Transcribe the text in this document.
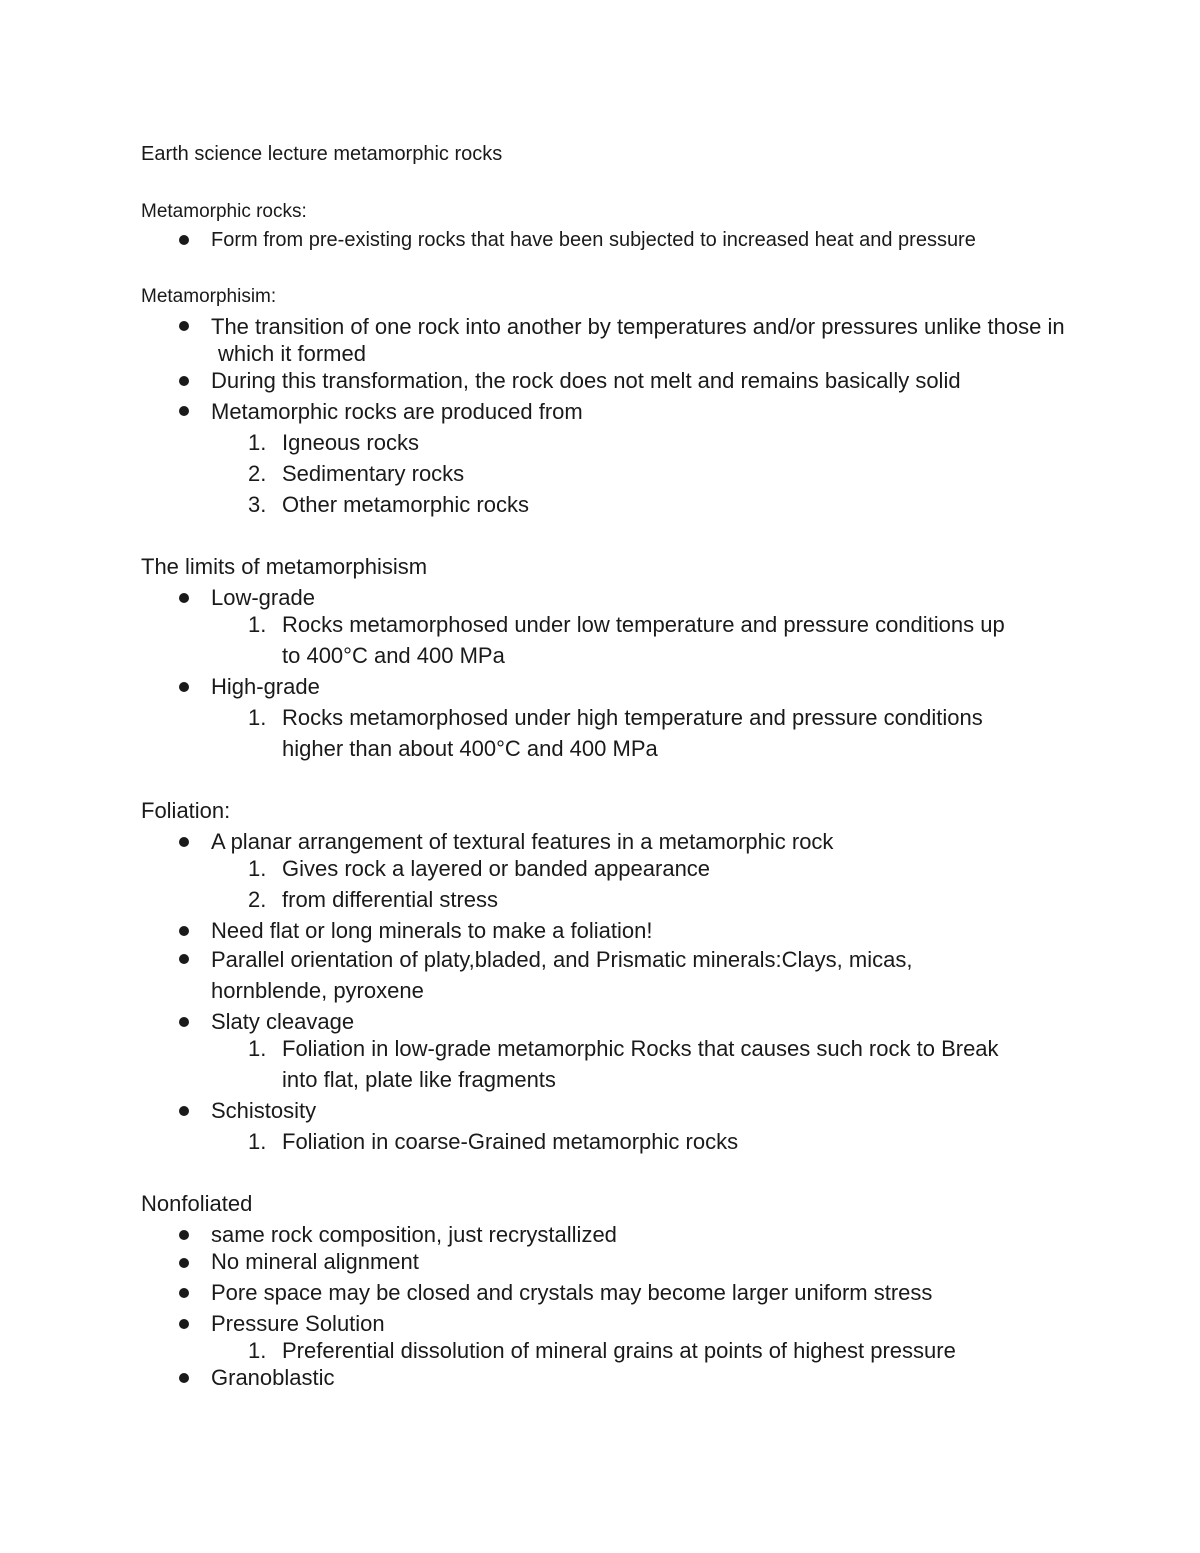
Earth science lecture metamorphic rocks
Metamorphic rocks:
Form from pre-existing rocks that have been subjected to increased heat and pressure
Metamorphisim:
The transition of one rock into another by temperatures and/or pressures unlike those in
which it formed
During this transformation, the rock does not melt and remains basically solid
Metamorphic rocks are produced from
1. Igneous rocks
2. Sedimentary rocks
3. Other metamorphic rocks
The limits of metamorphisism
Low-grade
1. Rocks metamorphosed under low temperature and pressure conditions up
to 400°C and 400 MPa
High-grade
1. Rocks metamorphosed under high temperature and pressure conditions
higher than about 400°C and 400 MPa
Foliation:
A planar arrangement of textural features in a metamorphic rock
1. Gives rock a layered or banded appearance
2. from differential stress
Need flat or long minerals to make a foliation!
Parallel orientation of platy,bladed, and Prismatic minerals:Clays, micas,
hornblende, pyroxene
Slaty cleavage
1. Foliation in low-grade metamorphic Rocks that causes such rock to Break
into flat, plate like fragments
Schistosity
1. Foliation in coarse-Grained metamorphic rocks
Nonfoliated
same rock composition, just recrystallized
No mineral alignment
Pore space may be closed and crystals may become larger uniform stress
Pressure Solution
1. Preferential dissolution of mineral grains at points of highest pressure
Granoblastic
